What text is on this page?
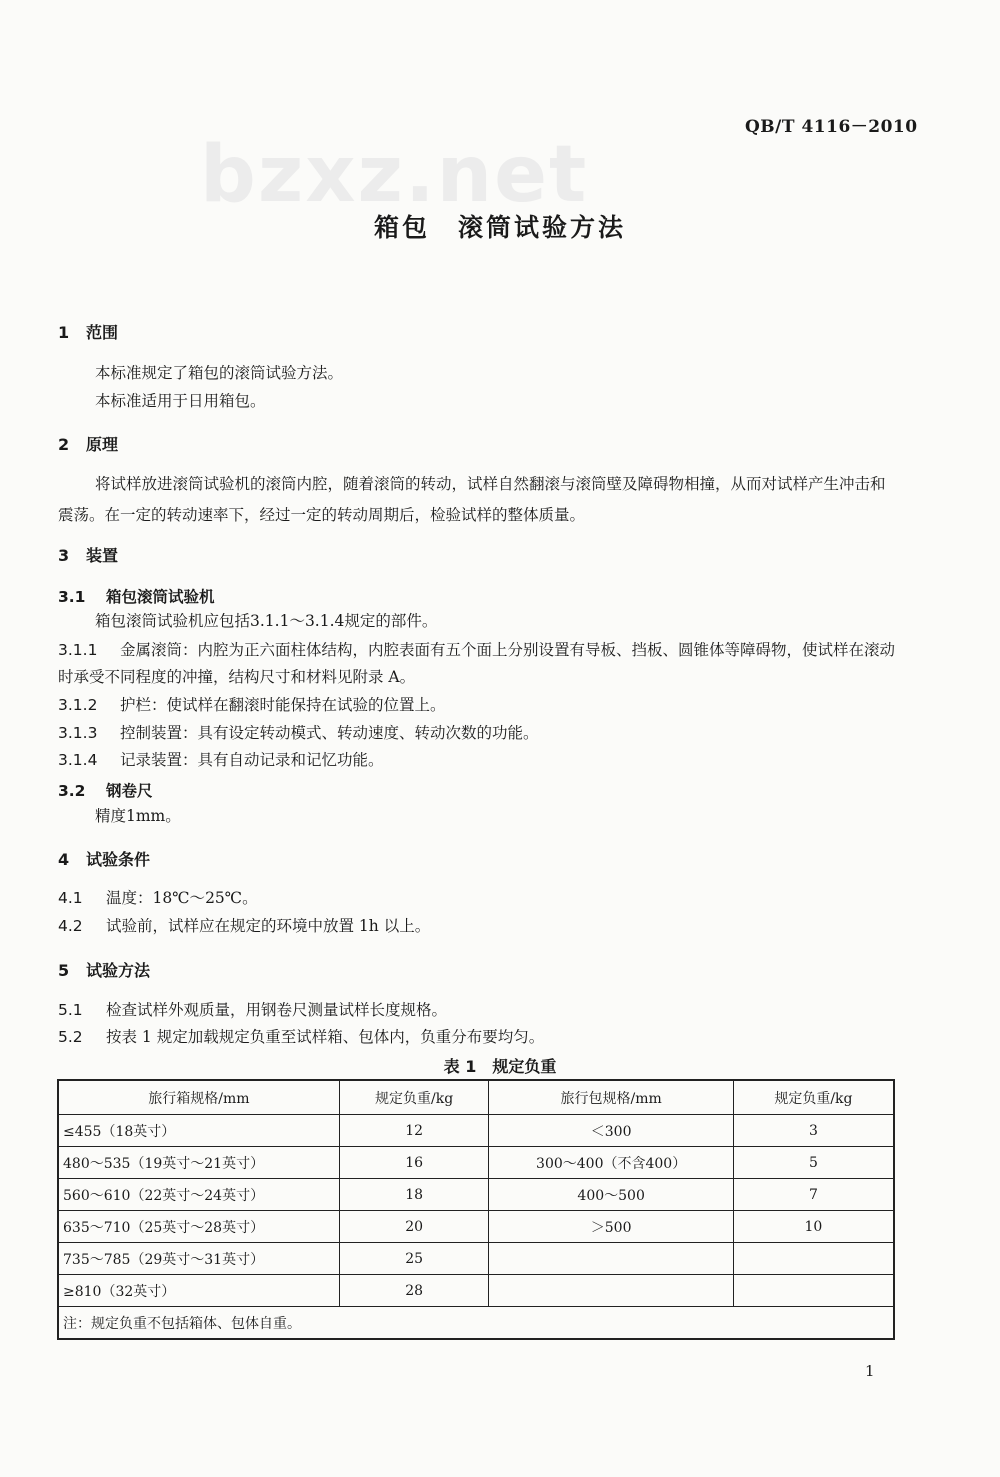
QB/T 4116－2010
bzxz.net
箱包　滚筒试验方法
1 范围
本标准规定了箱包的滚筒试验方法。
本标准适用于日用箱包。
2 原理
将试样放进滚筒试验机的滚筒内腔，随着滚筒的转动，试样自然翻滚与滚筒壁及障碍物相撞，从而对试样产生冲击和震荡。在一定的转动速率下，经过一定的转动周期后，检验试样的整体质量。
3 装置
3.1 箱包滚筒试验机
箱包滚筒试验机应包括3.1.1～3.1.4规定的部件。
3.1.1 金属滚筒：内腔为正六面柱体结构，内腔表面有五个面上分别设置有导板、挡板、圆锥体等障碍物，使试样在滚动时承受不同程度的冲撞，结构尺寸和材料见附录 A。
3.1.2 护栏：使试样在翻滚时能保持在试验的位置上。
3.1.3 控制装置：具有设定转动模式、转动速度、转动次数的功能。
3.1.4 记录装置：具有自动记录和记忆功能。
3.2 钢卷尺
精度1mm。
4 试验条件
4.1 温度：18℃～25℃。
4.2 试验前，试样应在规定的环境中放置 1h 以上。
5 试验方法
5.1 检查试样外观质量，用钢卷尺测量试样长度规格。
5.2 按表 1 规定加载规定负重至试样箱、包体内，负重分布要均匀。
表 1　规定负重
旅行箱规格/mm	规定负重/kg	旅行包规格/mm	规定负重/kg
≤455（18英寸）	12	＜300	3
480～535（19英寸～21英寸）	16	300～400（不含400）	5
560～610（22英寸～24英寸）	18	400～500	7
635～710（25英寸～28英寸）	20	＞500	10
735～785（29英寸～31英寸）	25		
≥810（32英寸）	28		
注：规定负重不包括箱体、包体自重。			
1
